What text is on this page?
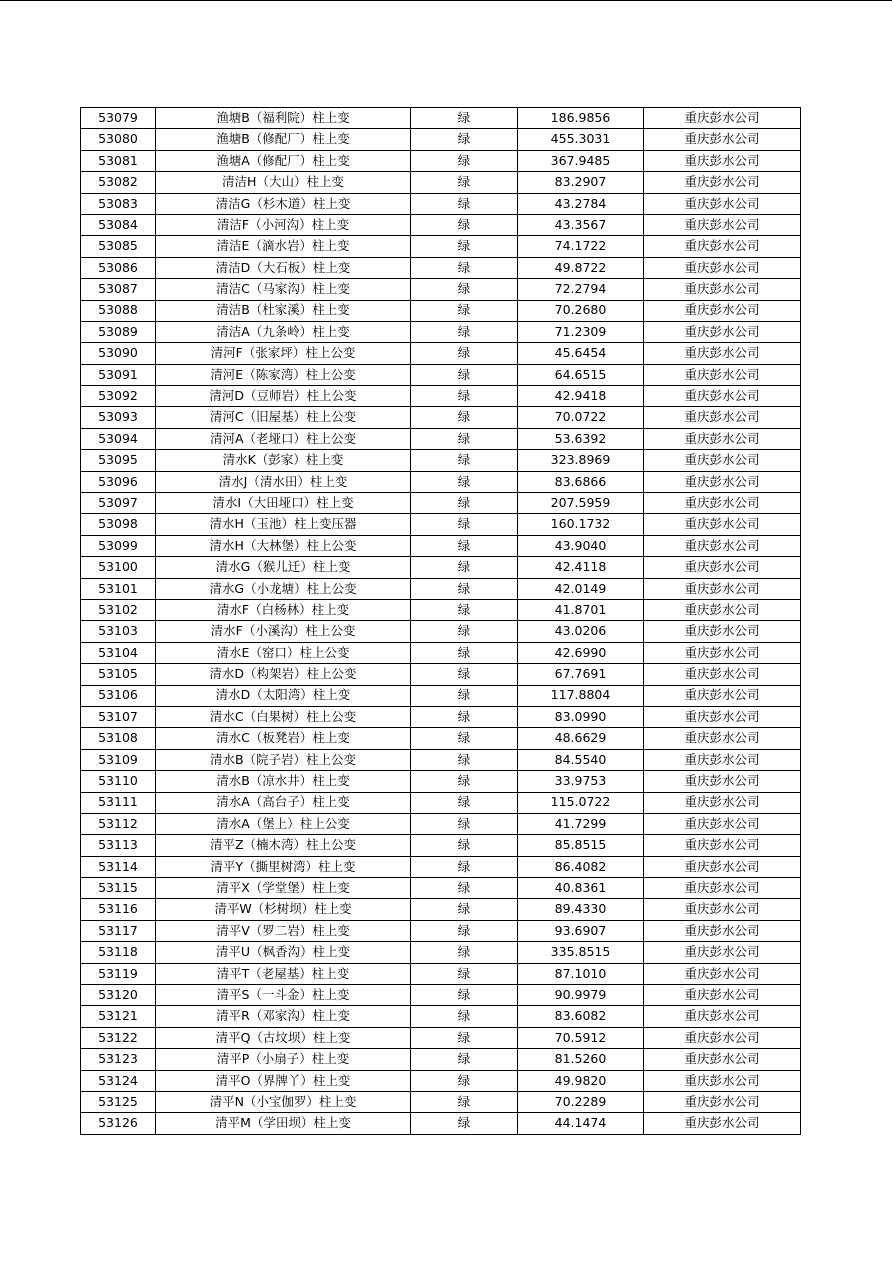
53079	渔塘B（福利院）柱上变	绿	186.9856	重庆彭水公司
53080	渔塘B（修配厂）柱上变	绿	455.3031	重庆彭水公司
53081	渔塘A（修配厂）柱上变	绿	367.9485	重庆彭水公司
53082	清洁H（大山）柱上变	绿	83.2907	重庆彭水公司
53083	清洁G（杉木道）柱上变	绿	43.2784	重庆彭水公司
53084	清洁F（小河沟）柱上变	绿	43.3567	重庆彭水公司
53085	清洁E（滴水岩）柱上变	绿	74.1722	重庆彭水公司
53086	清洁D（大石板）柱上变	绿	49.8722	重庆彭水公司
53087	清洁C（马家沟）柱上变	绿	72.2794	重庆彭水公司
53088	清洁B（杜家溪）柱上变	绿	70.2680	重庆彭水公司
53089	清洁A（九条岭）柱上变	绿	71.2309	重庆彭水公司
53090	清河F（张家坪）柱上公变	绿	45.6454	重庆彭水公司
53091	清河E（陈家湾）柱上公变	绿	64.6515	重庆彭水公司
53092	清河D（豆师岩）柱上公变	绿	42.9418	重庆彭水公司
53093	清河C（旧屋基）柱上公变	绿	70.0722	重庆彭水公司
53094	清河A（老垭口）柱上公变	绿	53.6392	重庆彭水公司
53095	清水K（彭家）柱上变	绿	323.8969	重庆彭水公司
53096	清水J（清水田）柱上变	绿	83.6866	重庆彭水公司
53097	清水I（大田垭口）柱上变	绿	207.5959	重庆彭水公司
53098	清水H（玉池）柱上变压器	绿	160.1732	重庆彭水公司
53099	清水H（大林堡）柱上公变	绿	43.9040	重庆彭水公司
53100	清水G（猴儿迁）柱上变	绿	42.4118	重庆彭水公司
53101	清水G（小龙塘）柱上公变	绿	42.0149	重庆彭水公司
53102	清水F（白杨林）柱上变	绿	41.8701	重庆彭水公司
53103	清水F（小溪沟）柱上公变	绿	43.0206	重庆彭水公司
53104	清水E（窑口）柱上公变	绿	42.6990	重庆彭水公司
53105	清水D（构架岩）柱上公变	绿	67.7691	重庆彭水公司
53106	清水D（太阳湾）柱上变	绿	117.8804	重庆彭水公司
53107	清水C（白果树）柱上公变	绿	83.0990	重庆彭水公司
53108	清水C（板凳岩）柱上变	绿	48.6629	重庆彭水公司
53109	清水B（院子岩）柱上公变	绿	84.5540	重庆彭水公司
53110	清水B（凉水井）柱上变	绿	33.9753	重庆彭水公司
53111	清水A（高台子）柱上变	绿	115.0722	重庆彭水公司
53112	清水A（堡上）柱上公变	绿	41.7299	重庆彭水公司
53113	清平Z（楠木湾）柱上公变	绿	85.8515	重庆彭水公司
53114	清平Y（撕里树湾）柱上变	绿	86.4082	重庆彭水公司
53115	清平X（学堂堡）柱上变	绿	40.8361	重庆彭水公司
53116	清平W（杉树坝）柱上变	绿	89.4330	重庆彭水公司
53117	清平V（罗二岩）柱上变	绿	93.6907	重庆彭水公司
53118	清平U（枫香沟）柱上变	绿	335.8515	重庆彭水公司
53119	清平T（老屋基）柱上变	绿	87.1010	重庆彭水公司
53120	清平S（一斗金）柱上变	绿	90.9979	重庆彭水公司
53121	清平R（邓家沟）柱上变	绿	83.6082	重庆彭水公司
53122	清平Q（古坟坝）柱上变	绿	70.5912	重庆彭水公司
53123	清平P（小扇子）柱上变	绿	81.5260	重庆彭水公司
53124	清平O（界牌丫）柱上变	绿	49.9820	重庆彭水公司
53125	清平N（小宝伽罗）柱上变	绿	70.2289	重庆彭水公司
53126	清平M（学田坝）柱上变	绿	44.1474	重庆彭水公司
